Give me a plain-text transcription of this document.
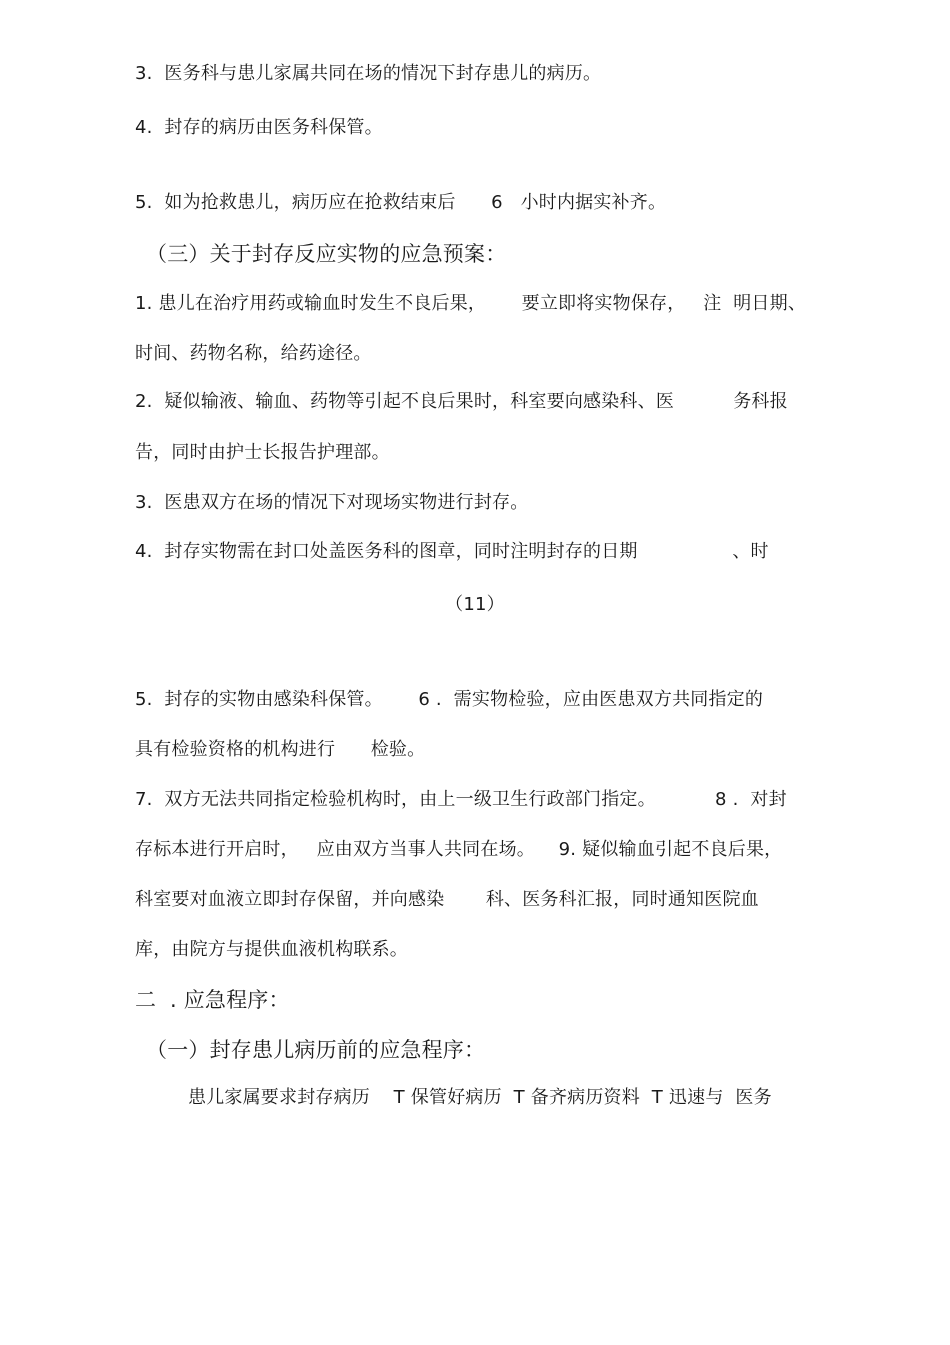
3.  医务科与患儿家属共同在场的情况下封存患儿的病历。
4.  封存的病历由医务科保管。
5.  如为抢救患儿，病历应在抢救结束后      6   小时内据实补齐。
（三）关于封存反应实物的应急预案：
1. 患儿在治疗用药或输血时发生不良后果，      要立即将实物保存，   注  明日期、
时间、药物名称，给药途径。
2.  疑似输液、输血、药物等引起不良后果时，科室要向感染科、医          务科报
告，同时由护士长报告护理部。
3.  医患双方在场的情况下对现场实物进行封存。
4.  封存实物需在封口处盖医务科的图章，同时注明封存的日期                、时
（11）
5.  封存的实物由感染科保管。      6 .  需实物检验，应由医患双方共同指定的
具有检验资格的机构进行      检验。
7.  双方无法共同指定检验机构时，由上一级卫生行政部门指定。          8 .  对封
存标本进行开启时，   应由双方当事人共同在场。    9. 疑似输血引起不良后果，
科室要对血液立即封存保留，并向感染       科、医务科汇报，同时通知医院血
库，由院方与提供血液机构联系。
二  . 应急程序：
（一）封存患儿病历前的应急程序：
患儿家属要求封存病历    T 保管好病历  T 备齐病历资料  T 迅速与  医务
